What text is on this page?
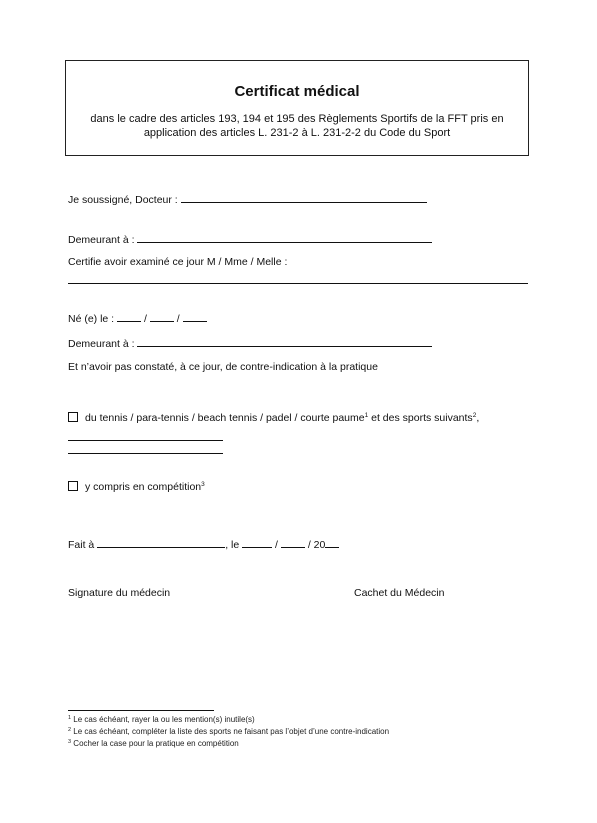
Certificat médical
dans le cadre des articles 193, 194 et 195 des Règlements Sportifs de la FFT pris en
application des articles L. 231-2 à L. 231-2-2 du Code du Sport
Je soussigné, Docteur :
Demeurant à :
Certifie avoir examiné ce jour M / Mme / Melle :
Né (e) le :	/	/
Demeurant à :
Et n’avoir pas constaté, à ce jour, de contre-indication à la pratique
du tennis / para-tennis / beach tennis / padel / courte paume$^1$ et des sports suivants$^2$,
y compris en compétition$^3$
Fait à	, le	/	/ 20
Signature du médecin	Cachet du Médecin
$^1$ Le cas échéant, rayer la ou les mention(s) inutile(s)
$^2$ Le cas échéant, compléter la liste des sports ne faisant pas l’objet d’une contre-indication
$^3$ Cocher la case pour la pratique en compétition
